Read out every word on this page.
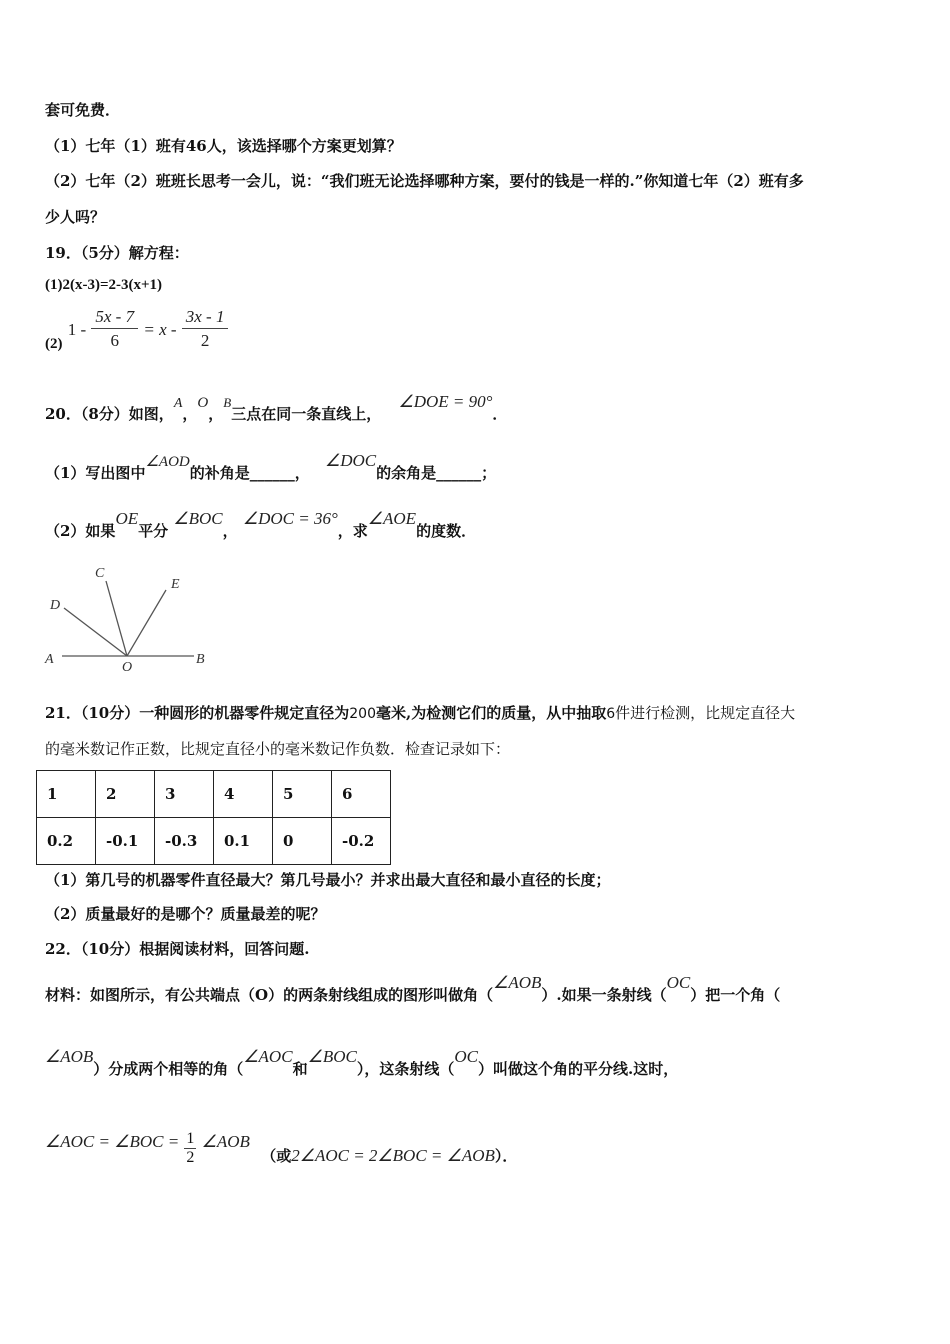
套可免费．
（1）七年（1）班有46人，该选择哪个方案更划算？
（2）七年（2）班班长思考一会儿，说：“我们班无论选择哪种方案，要付的钱是一样的.”你知道七年（2）班有多
少人吗？
19．（5分）解方程：
(1)2(x-3)=2-3(x+1)
(2) $1 - \frac{5x - 7}{6} = x - \frac{3x - 1}{2}$
20．（8分）如图，A，O，B三点在同一条直线上， ∠DOE = 90°．
（1）写出图中∠AOD的补角是______， ∠DOC的余角是______；
（2）如果OE平分 ∠BOC， ∠DOC = 36°，求∠AOE的度数．
C
E
D
A
O
B
21．（10分）一种圆形的机器零件规定直径为200毫米,为检测它们的质量，从中抽取6件进行检测，比规定直径大
的毫米数记作正数，比规定直径小的毫米数记作负数．检查记录如下：
1	2	3	4	5	6
0.2	-0.1	-0.3	0.1	0	-0.2
（1）第几号的机器零件直径最大？第几号最小？并求出最大直径和最小直径的长度；
（2）质量最好的是哪个？质量最差的呢？
22．（10分）根据阅读材料，回答问题.
材料：如图所示，有公共端点（O）的两条射线组成的图形叫做角（∠AOB）.如果一条射线（OC）把一个角（
∠AOB）分成两个相等的角（∠AOC和∠BOC），这条射线（OC）叫做这个角的平分线.这时，
∠AOC = ∠BOC = $\frac{1}{2}$ ∠AOB （或2∠AOC = 2∠BOC = ∠AOB）．
